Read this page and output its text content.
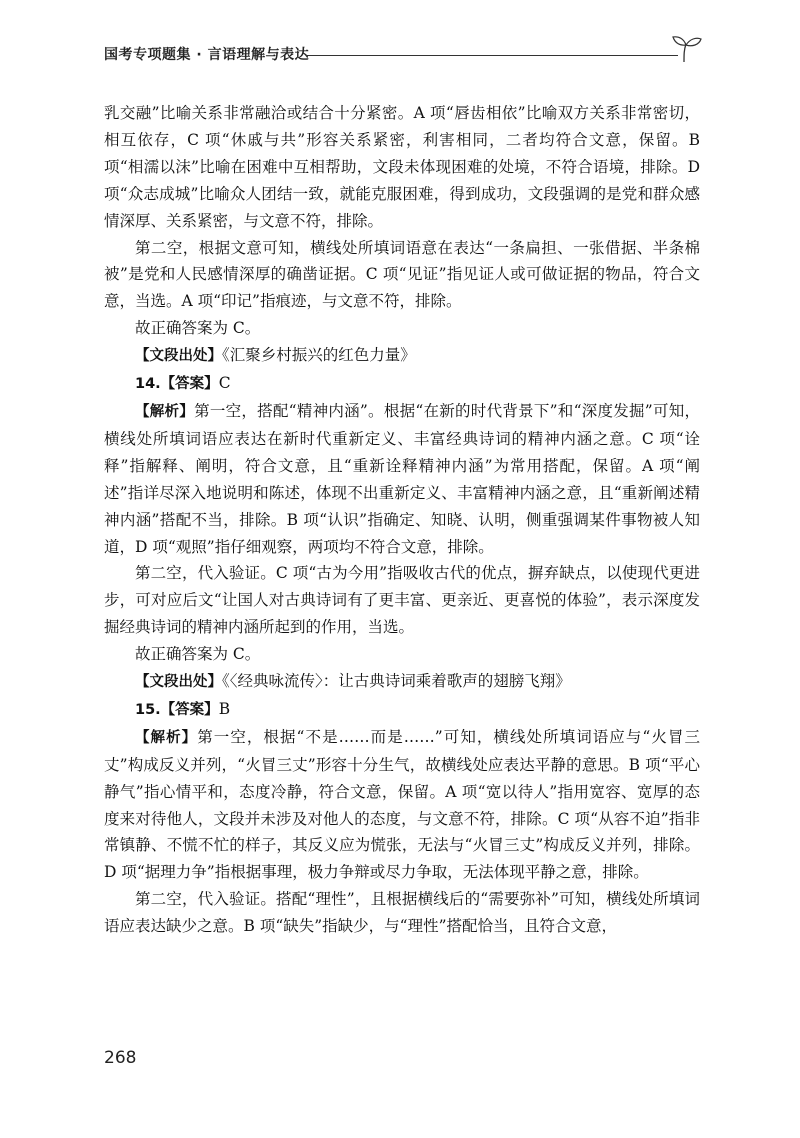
国考专项题集 · 言语理解与表达

乳交融”比喻关系非常融洽或结合十分紧密。A 项“唇齿相依”比喻双方关系非常密切，相互依存，C 项“休戚与共”形容关系紧密，利害相同，二者均符合文意，保留。B 项“相濡以沫”比喻在困难中互相帮助，文段未体现困难的处境，不符合语境，排除。D 项“众志成城”比喻众人团结一致，就能克服困难，得到成功，文段强调的是党和群众感情深厚、关系紧密，与文意不符，排除。

第二空，根据文意可知，横线处所填词语意在表达“一条扁担、一张借据、半条棉被”是党和人民感情深厚的确凿证据。C 项“见证”指见证人或可做证据的物品，符合文意，当选。A 项“印记”指痕迹，与文意不符，排除。

故正确答案为 C。

【文段出处】《汇聚乡村振兴的红色力量》

14.【答案】C

【解析】第一空，搭配“精神内涵”。根据“在新的时代背景下”和“深度发掘”可知，横线处所填词语应表达在新时代重新定义、丰富经典诗词的精神内涵之意。C 项“诠释”指解释、阐明，符合文意，且“重新诠释精神内涵”为常用搭配，保留。A 项“阐述”指详尽深入地说明和陈述，体现不出重新定义、丰富精神内涵之意，且“重新阐述精神内涵”搭配不当，排除。B 项“认识”指确定、知晓、认明，侧重强调某件事物被人知道，D 项“观照”指仔细观察，两项均不符合文意，排除。

第二空，代入验证。C 项“古为今用”指吸收古代的优点，摒弃缺点，以使现代更进步，可对应后文“让国人对古典诗词有了更丰富、更亲近、更喜悦的体验”，表示深度发掘经典诗词的精神内涵所起到的作用，当选。

故正确答案为 C。

【文段出处】《〈经典咏流传〉：让古典诗词乘着歌声的翅膀飞翔》

15.【答案】B

【解析】第一空，根据“不是……而是……”可知，横线处所填词语应与“火冒三丈”构成反义并列，“火冒三丈”形容十分生气，故横线处应表达平静的意思。B 项“平心静气”指心情平和，态度冷静，符合文意，保留。A 项“宽以待人”指用宽容、宽厚的态度来对待他人，文段并未涉及对他人的态度，与文意不符，排除。C 项“从容不迫”指非常镇静、不慌不忙的样子，其反义应为慌张，无法与“火冒三丈”构成反义并列，排除。D 项“据理力争”指根据事理，极力争辩或尽力争取，无法体现平静之意，排除。

第二空，代入验证。搭配“理性”，且根据横线后的“需要弥补”可知，横线处所填词语应表达缺少之意。B 项“缺失”指缺少，与“理性”搭配恰当，且符合文意，

268
